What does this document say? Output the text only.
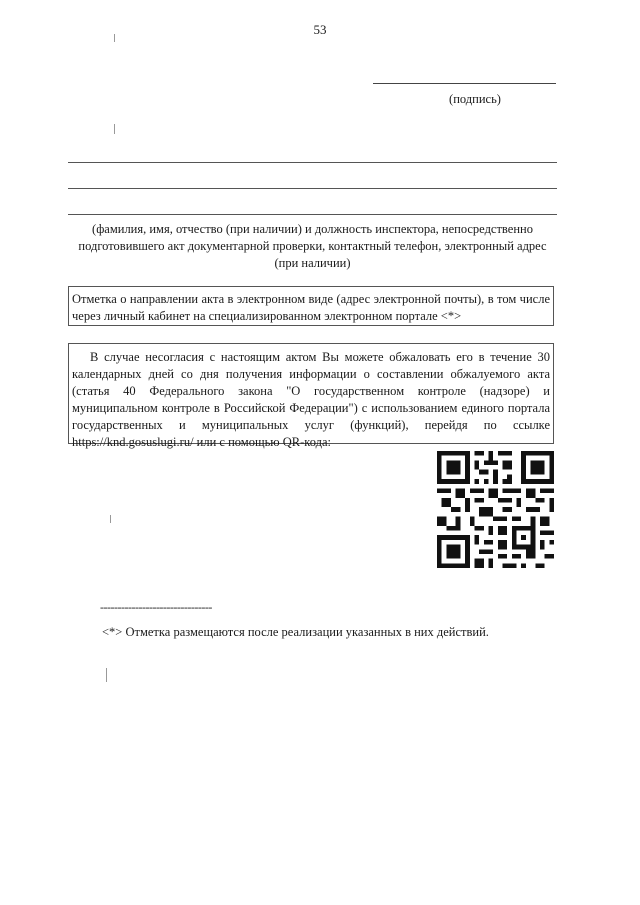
53
(подпись)
(фамилия, имя, отчество (при наличии) и должность инспектора, непосредственно подготовившего акт документарной проверки, контактный телефон, электронный адрес (при наличии)
Отметка о направлении акта в электронном виде (адрес электронной почты), в том числе через личный кабинет на специализированном электронном портале <*>
В случае несогласия с настоящим актом Вы можете обжаловать его в течение 30 календарных дней со дня получения информации о составлении обжалуемого акта (статья 40 Федерального закона "О государственном контроле (надзоре) и муниципальном контроле в Российской Федерации") с использованием единого портала государственных и муниципальных услуг (функций), перейдя по ссылке https://knd.gosuslugi.ru/ или с помощью QR-кода:
--------------------------------
<*> Отметка размещаются после реализации указанных в них действий.
